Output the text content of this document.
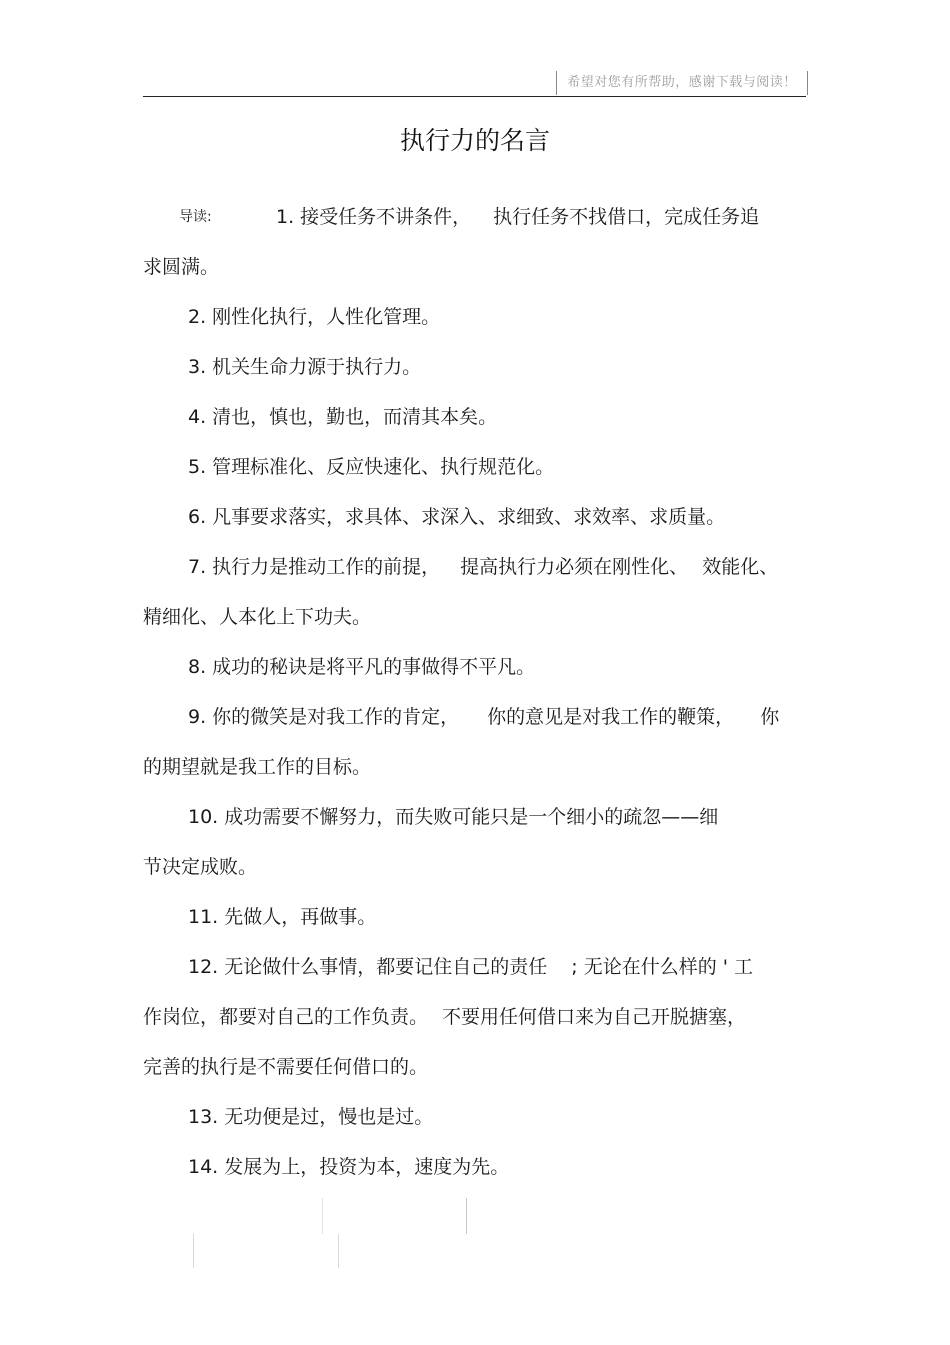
希望对您有所帮助，感谢下载与阅读！
执行力的名言
导读:	1. 接受任务不讲条件， 执行任务不找借口，完成任务追
求圆满。
2. 刚性化执行，人性化管理。
3. 机关生命力源于执行力。
4. 清也，慎也，勤也，而清其本矣。
5. 管理标准化、反应快速化、执行规范化。
6. 凡事要求落实，求具体、求深入、求细致、求效率、求质量。
7. 执行力是推动工作的前提， 提高执行力必须在刚性化、 效能化、
精细化、人本化上下功夫。
8. 成功的秘诀是将平凡的事做得不平凡。
9. 你的微笑是对我工作的肯定， 你的意见是对我工作的鞭策， 你
的期望就是我工作的目标。
10. 成功需要不懈努力，而失败可能只是一个细小的疏忽——细
节决定成败。
11. 先做人，再做事。
12. 无论做什么事情，都要记住自己的责任 ; 无论在什么样的 ' 工
作岗位，都要对自己的工作负责。 不要用任何借口来为自己开脱搪塞，
完善的执行是不需要任何借口的。
13. 无功便是过，慢也是过。
14. 发展为上，投资为本，速度为先。
